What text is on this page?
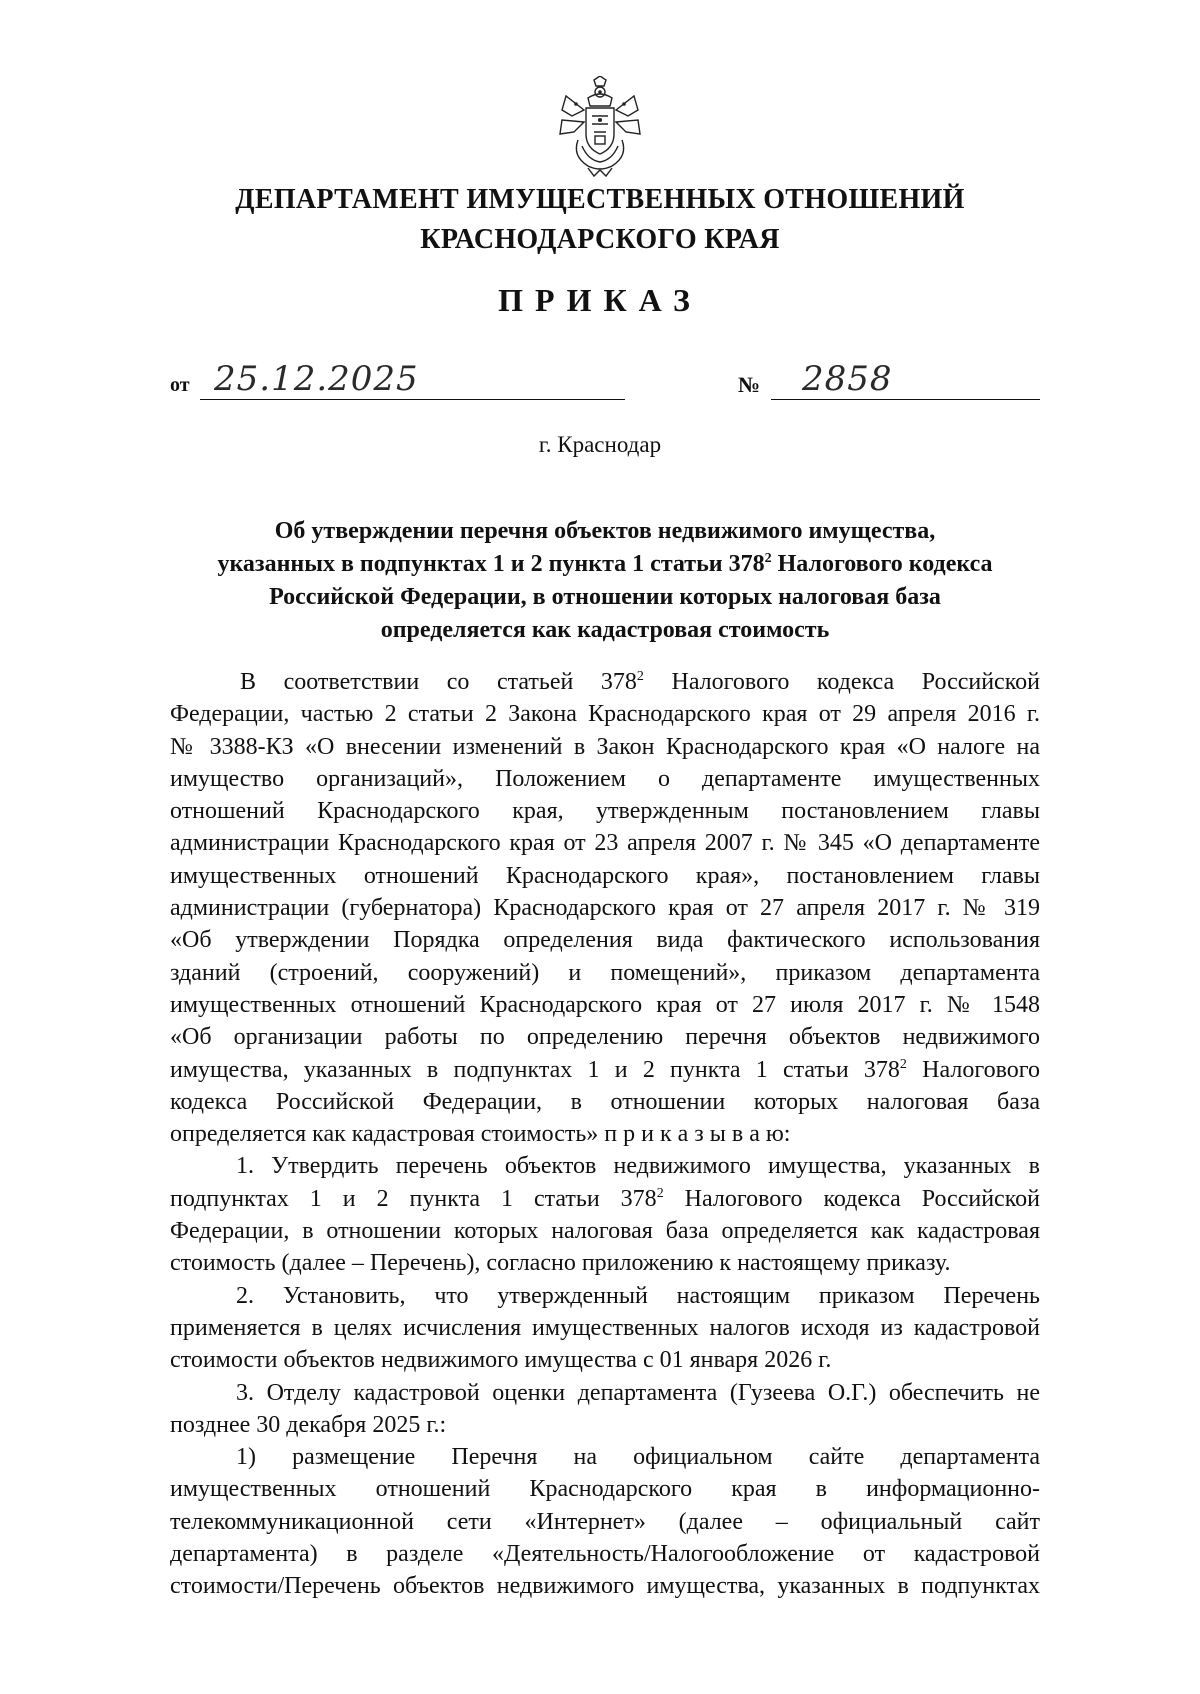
ДЕПАРТАМЕНТ ИМУЩЕСТВЕННЫХ ОТНОШЕНИЙ
КРАСНОДАРСКОГО КРАЯ
ПРИКАЗ
от 25.12.2025	№ 2858
г. Краснодар
Об утверждении перечня объектов недвижимого имущества,
указанных в подпунктах 1 и 2 пункта 1 статьи $378^2$ Налогового кодекса
Российской Федерации, в отношении которых налоговая база
определяется как кадастровая стоимость
В соответствии со статьей $378^2$ Налогового кодекса Российской
Федерации, частью 2 статьи 2 Закона Краснодарского края от 29 апреля 2016 г.
№ 3388-КЗ «О внесении изменений в Закон Краснодарского края «О налоге на
имущество организаций», Положением о департаменте имущественных
отношений Краснодарского края, утвержденным постановлением главы
администрации Краснодарского края от 23 апреля 2007 г. № 345 «О департаменте
имущественных отношений Краснодарского края», постановлением главы
администрации (губернатора) Краснодарского края от 27 апреля 2017 г. № 319
«Об утверждении Порядка определения вида фактического использования
зданий (строений, сооружений) и помещений», приказом департамента
имущественных отношений Краснодарского края от 27 июля 2017 г. № 1548
«Об организации работы по определению перечня объектов недвижимого
имущества, указанных в подпунктах 1 и 2 пункта 1 статьи $378^2$ Налогового
кодекса Российской Федерации, в отношении которых налоговая база
определяется как кадастровая стоимость» п р и к а з ы в а ю:
1. Утвердить перечень объектов недвижимого имущества, указанных в
подпунктах 1 и 2 пункта 1 статьи $378^2$ Налогового кодекса Российской
Федерации, в отношении которых налоговая база определяется как кадастровая
стоимость (далее – Перечень), согласно приложению к настоящему приказу.
2. Установить, что утвержденный настоящим приказом Перечень
применяется в целях исчисления имущественных налогов исходя из кадастровой
стоимости объектов недвижимого имущества с 01 января 2026 г.
3. Отделу кадастровой оценки департамента (Гузеева О.Г.) обеспечить не
позднее 30 декабря 2025 г.:
1) размещение Перечня на официальном сайте департамента
имущественных отношений Краснодарского края в информационно-
телекоммуникационной сети «Интернет» (далее – официальный сайт
департамента) в разделе «Деятельность/Налогообложение от кадастровой
стоимости/Перечень объектов недвижимого имущества, указанных в подпунктах
